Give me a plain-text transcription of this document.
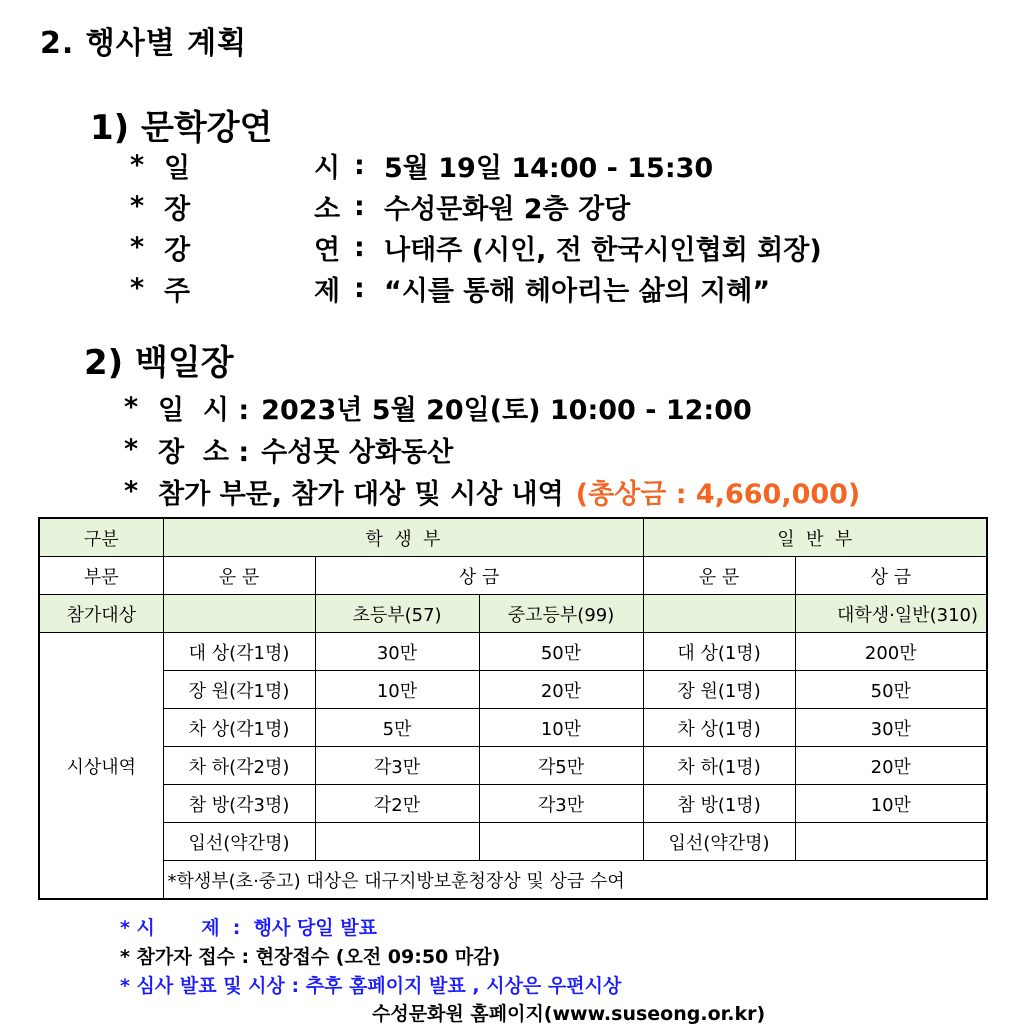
2. 행사별 계획
1) 문학강연
* 일	시 : 5월 19일 14:00 - 15:30
* 장	소 : 수성문화원 2층 강당
* 강	연 : 나태주 (시인, 전 한국시인협회 회장)
* 주	제 : “시를 통해 헤아리는 삶의 지혜”
2) 백일장
* 일  시 : 2023년 5월 20일(토) 10:00 - 12:00
* 장  소 : 수성못 상화동산
* 참가 부문, 참가 대상 및 시상 내역 (총상금 : 4,660,000)
구분	학  생  부			일  반  부	
부문	운 문	상 금		운 문	상 금
참가대상		초등부(57)	중고등부(99)		대학생·일반(310)
시상내역	대 상(각1명)	30만	50만	대 상(1명)	200만
	장 원(각1명)	10만	20만	장 원(1명)	50만
	차 상(각1명)	5만	10만	차 상(1명)	30만
	차 하(각2명)	각3만	각5만	차 하(1명)	20만
	참 방(각3명)	각2만	각3만	참 방(1명)	10만
	입선(약간명)			입선(약간명)	
	*학생부(초·중고) 대상은 대구지방보훈청장상 및 상금 수여				
* 시       제  :  행사 당일 발표
* 참가자 접수 : 현장접수 (오전 09:50 마감)
* 심사 발표 및 시상 : 추후 홈페이지 발표 , 시상은 우편시상
수성문화원 홈페이지(www.suseong.or.kr)
